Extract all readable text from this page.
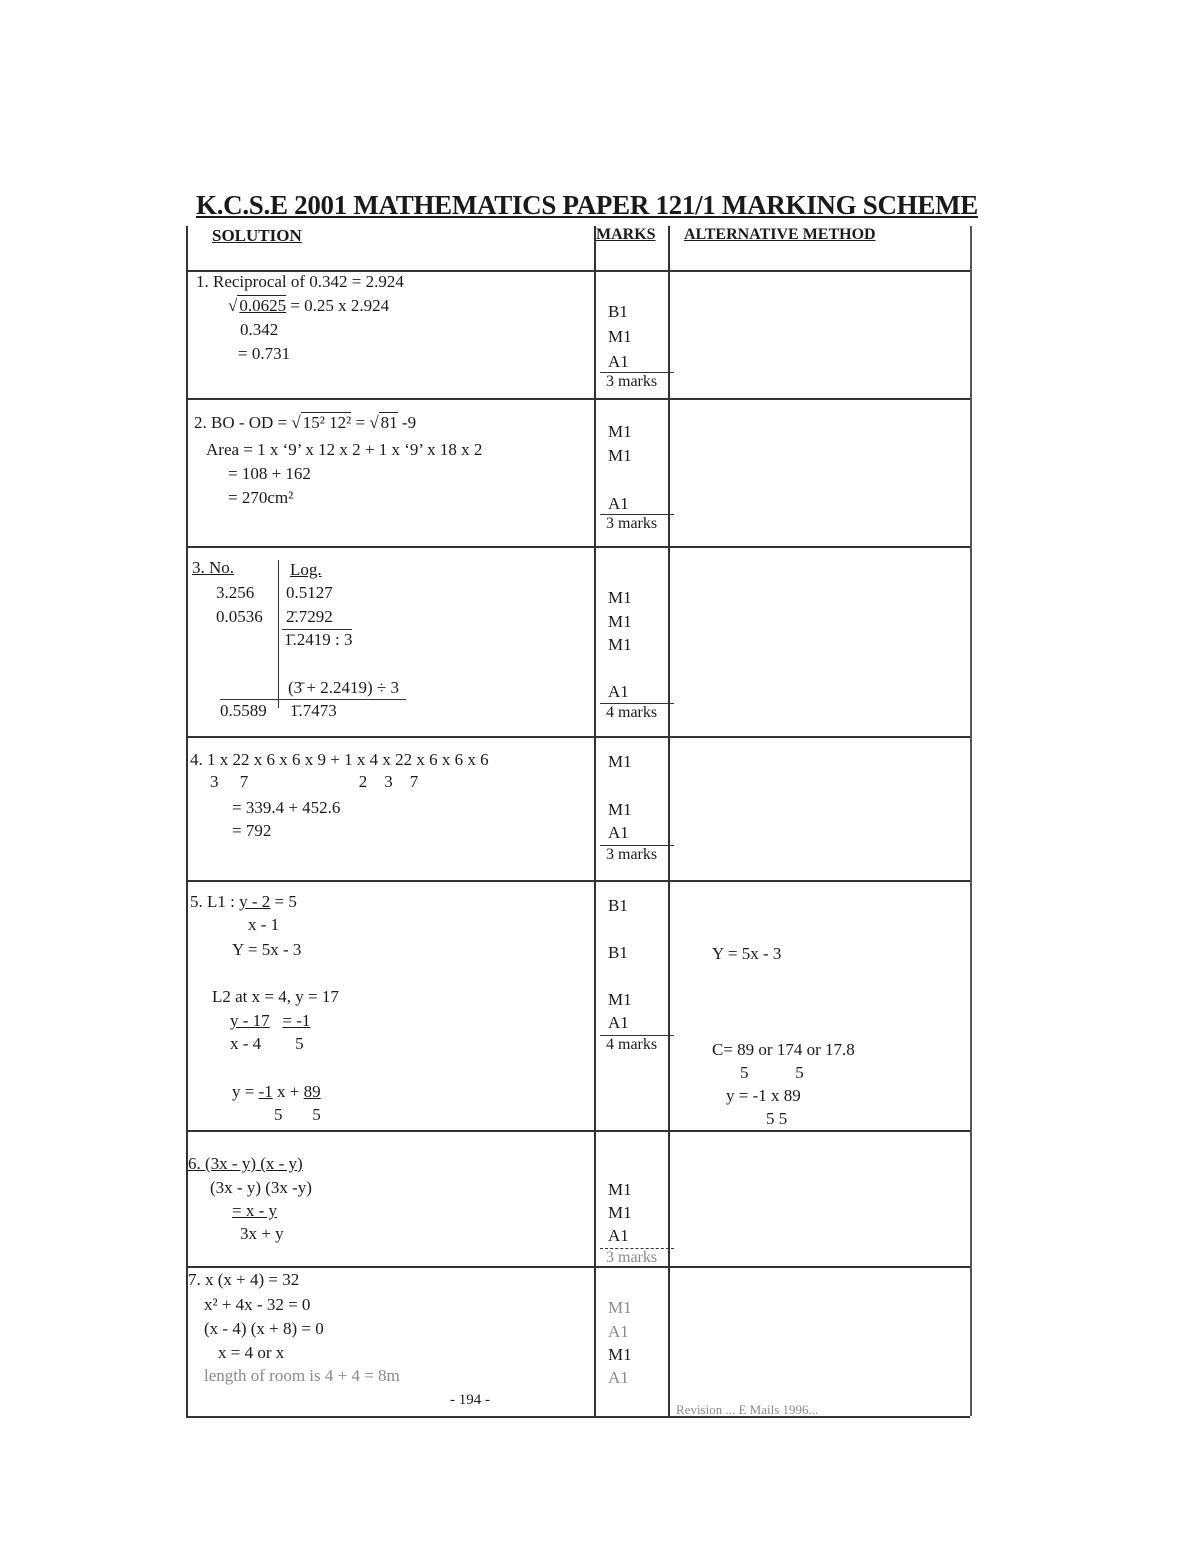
K.C.S.E 2001 MATHEMATICS PAPER 121/1 MARKING SCHEME
SOLUTION	MARKS ALTERNATIVE METHOD
1. Reciprocal of 0.342 = 2.924
√ 0.0625 = 0.25 x 2.924
0.342
= 0.731
B1
M1
A1
3 marks
2. BO - OD = √ 15² 12² = √ 81 -9
Area = 1 x ‘9’ x 12 x 2 + 1 x ‘9’ x 18 x 2
= 108 + 162
= 270cm²
M1
M1
A1
3 marks
3. No.	Log.
3.256 0.5127
0.0536 2̄.7292
1̄.2419 : 3
(3̄ + 2.2419) ÷ 3
0.5589 1̄.7473
M1
M1
M1
A1
4 marks
4. 1 x 22 x 6 x 6 x 9 + 1 x 4 x 22 x 6 x 6 x 6
3     7                          2    3    7
= 339.4 + 452.6
= 792
M1
M1
A1
3 marks
5. L1 : y - 2 = 5
x - 1
Y = 5x - 3
L2 at x = 4, y = 17
y - 17 = -1
x - 4 5
y = -1 x + 89
5 5
B1
B1
M1
A1
4 marks
Y = 5x - 3
C= 89 or 174 or 17.8
5           5
y = -1 x 89
5 5
6. (3x - y) (x - y)
(3x - y) (3x -y)
= x - y
3x + y
M1
M1
A1
3 marks
7. x (x + 4) = 32
x² + 4x - 32 = 0
(x - 4) (x + 8) = 0
x = 4 or x
length of room is 4 + 4 = 8m
M1
A1
M1
A1
- 194 -
Revision ... E Mails 1996...
